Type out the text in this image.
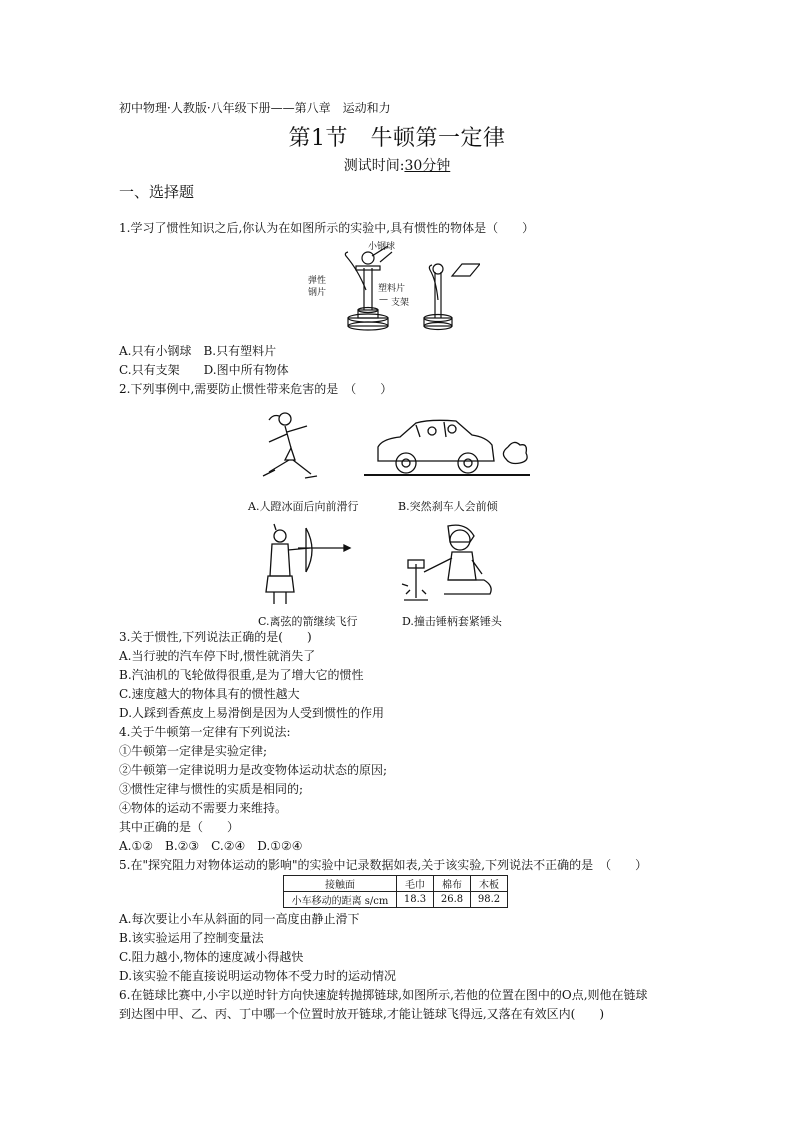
初中物理·人教版·八年级下册——第八章　运动和力
第1节　牛顿第一定律
测试时间:30分钟
一、选择题
1.学习了惯性知识之后,你认为在如图所示的实验中,具有惯性的物体是（　　）
小钢球
弹性
钢片	塑料片
— 支架
A.只有小钢球　B.只有塑料片
C.只有支架　　D.图中所有物体
2.下列事例中,需要防止惯性带来危害的是　（　　）
A.人蹬冰面后向前滑行	B.突然刹车人会前倾
C.离弦的箭继续飞行	D.撞击锤柄套紧锤头
3.关于惯性,下列说法正确的是(　　)
A.当行驶的汽车停下时,惯性就消失了
B.汽油机的飞轮做得很重,是为了增大它的惯性
C.速度越大的物体具有的惯性越大
D.人踩到香蕉皮上易滑倒是因为人受到惯性的作用
4.关于牛顿第一定律有下列说法:
①牛顿第一定律是实验定律;
②牛顿第一定律说明力是改变物体运动状态的原因;
③惯性定律与惯性的实质是相同的;
④物体的运动不需要力来维持。
其中正确的是（　　）
A.①②　B.②③　C.②④　D.①②④
5.在"探究阻力对物体运动的影响"的实验中记录数据如表,关于该实验,下列说法不正确的是　（　　）
接触面	毛巾	棉布	木板
小车移动的距离 s/cm	18.3	26.8	98.2
A.每次要让小车从斜面的同一高度由静止滑下
B.该实验运用了控制变量法
C.阻力越小,物体的速度减小得越快
D.该实验不能直接说明运动物体不受力时的运动情况
6.在链球比赛中,小宇以逆时针方向快速旋转抛掷链球,如图所示,若他的位置在图中的O点,则他在链球
到达图中甲、乙、丙、丁中哪一个位置时放开链球,才能让链球飞得远,又落在有效区内(　　)
